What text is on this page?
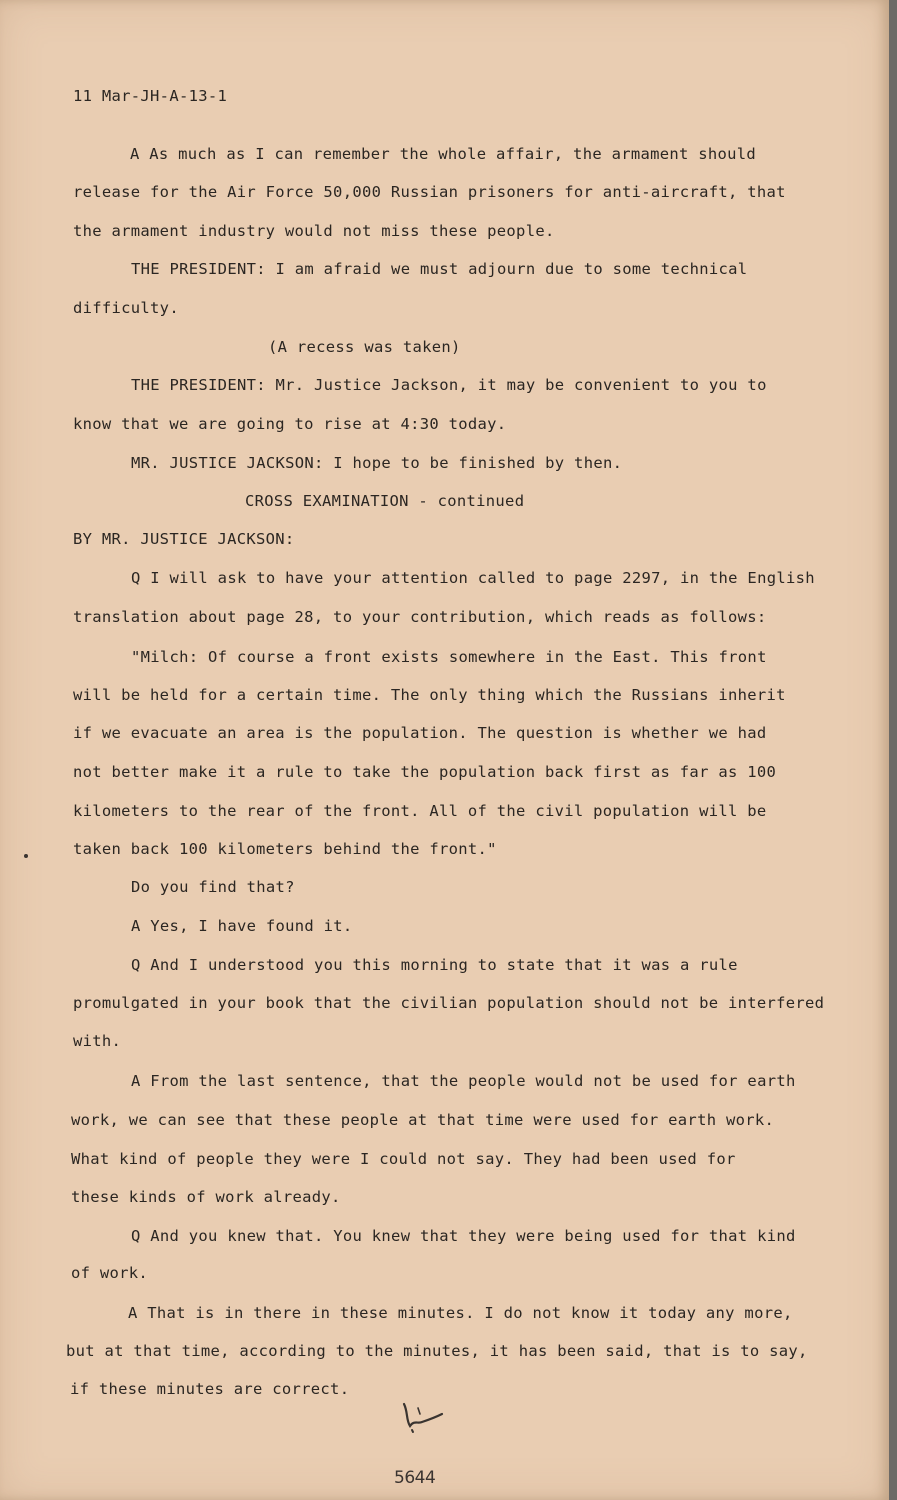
11 Mar-JH-A-13-1
A As much as I can remember the whole affair, the armament should
release for the Air Force 50,000 Russian prisoners for anti-aircraft, that
the armament industry would not miss these people.
THE PRESIDENT: I am afraid we must adjourn due to some technical
difficulty.
(A recess was taken)
THE PRESIDENT: Mr. Justice Jackson, it may be convenient to you to
know that we are going to rise at 4:30 today.
MR. JUSTICE JACKSON: I hope to be finished by then.
CROSS EXAMINATION - continued
BY MR. JUSTICE JACKSON:
Q I will ask to have your attention called to page 2297, in the English
translation about page 28, to your contribution, which reads as follows:
"Milch: Of course a front exists somewhere in the East. This front
will be held for a certain time. The only thing which the Russians inherit
if we evacuate an area is the population. The question is whether we had
not better make it a rule to take the population back first as far as 100
kilometers to the rear of the front. All of the civil population will be
taken back 100 kilometers behind the front."
Do you find that?
A Yes, I have found it.
Q And I understood you this morning to state that it was a rule
promulgated in your book that the civilian population should not be interfered
with.
A From the last sentence, that the people would not be used for earth
work, we can see that these people at that time were used for earth work.
What kind of people they were I could not say. They had been used for
these kinds of work already.
Q And you knew that. You knew that they were being used for that kind
of work.
A That is in there in these minutes. I do not know it today any more,
but at that time, according to the minutes, it has been said, that is to say,
if these minutes are correct.
5644
